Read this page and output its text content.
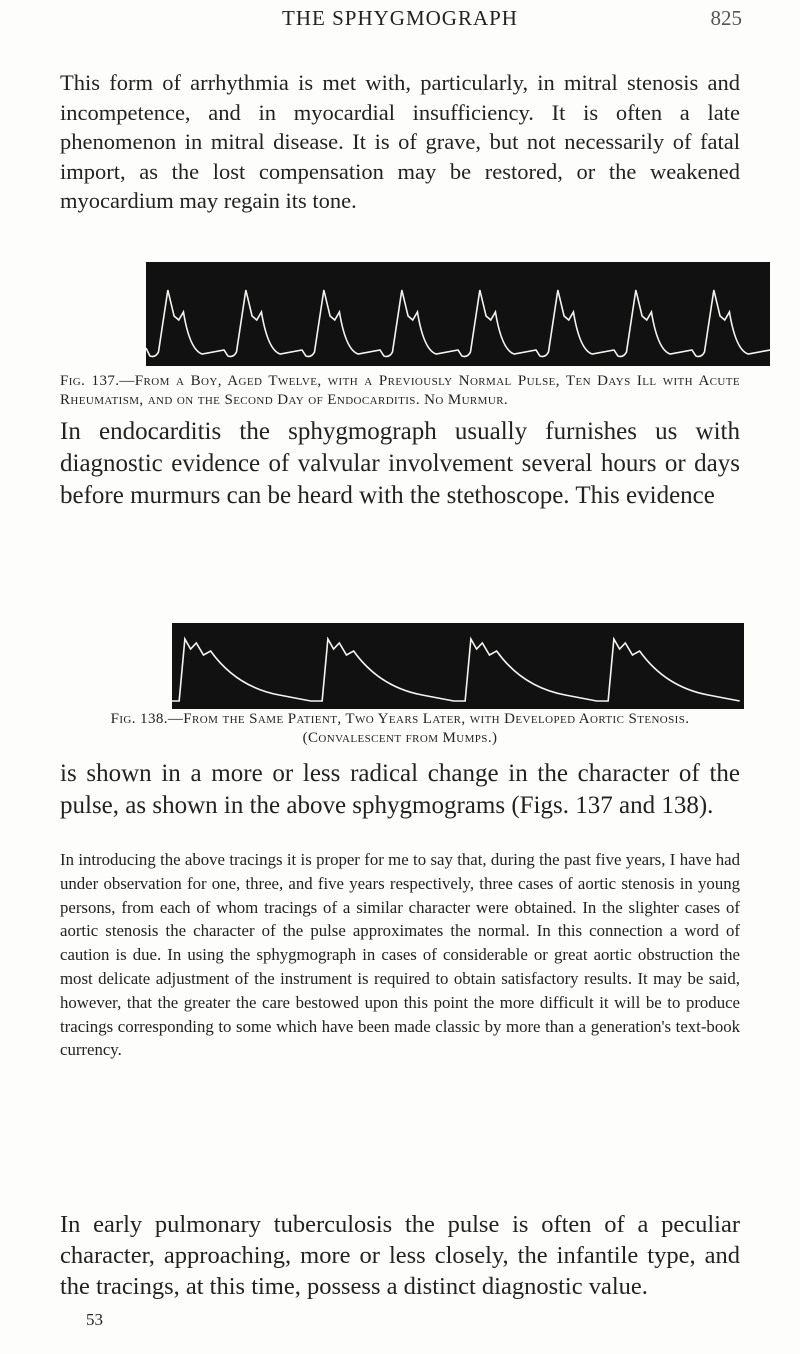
THE SPHYGMOGRAPH	825

This form of arrhythmia is met with, particularly, in mitral stenosis and incompetence, and in myocardial insufficiency. It is often a late phenomenon in mitral disease. It is of grave, but not necessarily of fatal import, as the lost compensation may be restored, or the weakened myocardium may regain its tone.

Fig. 137.—From a Boy, Aged Twelve, with a Previously Normal Pulse, Ten Days Ill with Acute Rheumatism, and on the Second Day of Endocarditis. No Murmur.

In endocarditis the sphygmograph usually furnishes us with diagnostic evidence of valvular involvement several hours or days before murmurs can be heard with the stethoscope. This evidence

Fig. 138.—From the Same Patient, Two Years Later, with Developed Aortic Stenosis. (Convalescent from Mumps.)

is shown in a more or less radical change in the character of the pulse, as shown in the above sphygmograms (Figs. 137 and 138).

In introducing the above tracings it is proper for me to say that, during the past five years, I have had under observation for one, three, and five years respectively, three cases of aortic stenosis in young persons, from each of whom tracings of a similar character were obtained. In the slighter cases of aortic stenosis the character of the pulse approximates the normal. In this connection a word of caution is due. In using the sphygmograph in cases of considerable or great aortic obstruction the most delicate adjustment of the instrument is required to obtain satisfactory results. It may be said, however, that the greater the care bestowed upon this point the more difficult it will be to produce tracings corresponding to some which have been made classic by more than a generation's text-book currency.

In early pulmonary tuberculosis the pulse is often of a peculiar character, approaching, more or less closely, the infantile type, and the tracings, at this time, possess a distinct diagnostic value.

53
